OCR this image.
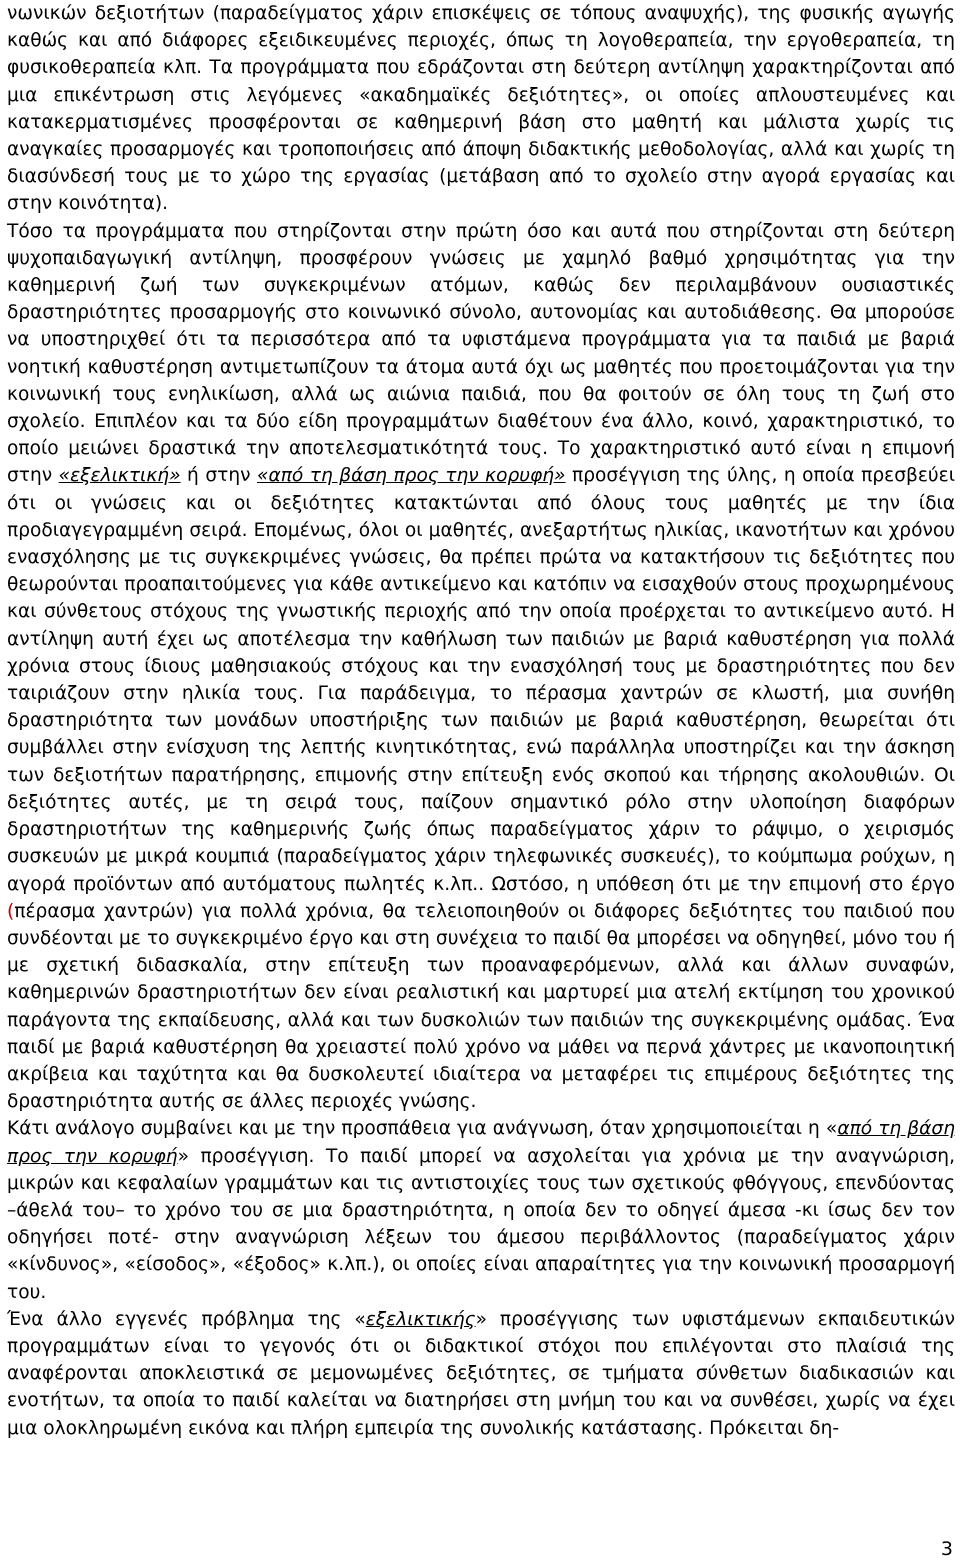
νωνικών δεξιοτήτων (παραδείγματος χάριν επισκέψεις σε τόπους αναψυχής), της φυσικής αγωγής καθώς και από διάφορες εξειδικευμένες περιοχές, όπως τη λογοθεραπεία, την εργοθεραπεία, τη φυσικοθεραπεία κλπ. Τα προγράμματα που εδράζονται στη δεύτερη αντίληψη χαρακτηρίζονται από μια επικέντρωση στις λεγόμενες «ακαδημαϊκές δεξιότητες», οι οποίες απλουστευμένες και κατακερματισμένες προσφέρονται σε καθημερινή βάση στο μαθητή και μάλιστα χωρίς τις αναγκαίες προσαρμογές και τροποποιήσεις από άποψη διδακτικής μεθοδολογίας, αλλά και χωρίς τη διασύνδεσή τους με το χώρο της εργασίας (μετάβαση από το σχολείο στην αγορά εργασίας και στην κοινότητα).

Τόσο τα προγράμματα που στηρίζονται στην πρώτη όσο και αυτά που στηρίζονται στη δεύτερη ψυχοπαιδαγωγική αντίληψη, προσφέρουν γνώσεις με χαμηλό βαθμό χρησιμότητας για την καθημερινή ζωή των συγκεκριμένων ατόμων, καθώς δεν περιλαμβάνουν ουσιαστικές δραστηριότητες προσαρμογής στο κοινωνικό σύνολο, αυτονομίας και αυτοδιάθεσης. Θα μπορούσε να υποστηριχθεί ότι τα περισσότερα από τα υφιστάμενα προγράμματα για τα παιδιά με βαριά νοητική καθυστέρηση αντιμετωπίζουν τα άτομα αυτά όχι ως μαθητές που προετοιμάζονται για την κοινωνική τους ενηλικίωση, αλλά ως αιώνια παιδιά, που θα φοιτούν σε όλη τους τη ζωή στο σχολείο. Επιπλέον και τα δύο είδη προγραμμάτων διαθέτουν ένα άλλο, κοινό, χαρακτηριστικό, το οποίο μειώνει δραστικά την αποτελεσματικότητά τους. Το χαρακτηριστικό αυτό είναι η επιμονή στην «εξελικτική» ή στην «από τη βάση προς την κορυφή» προσέγγιση της ύλης, η οποία πρεσβεύει ότι οι γνώσεις και οι δεξιότητες κατακτώνται από όλους τους μαθητές με την ίδια προδιαγεγραμμένη σειρά. Επομένως, όλοι οι μαθητές, ανεξαρτήτως ηλικίας, ικανοτήτων και χρόνου ενασχόλησης με τις συγκεκριμένες γνώσεις, θα πρέπει πρώτα να κατακτήσουν τις δεξιότητες που θεωρούνται προαπαιτούμενες για κάθε αντικείμενο και κατόπιν να εισαχθούν στους προχωρημένους και σύνθετους στόχους της γνωστικής περιοχής από την οποία προέρχεται το αντικείμενο αυτό. Η αντίληψη αυτή έχει ως αποτέλεσμα την καθήλωση των παιδιών με βαριά καθυστέρηση για πολλά χρόνια στους ίδιους μαθησιακούς στόχους και την ενασχόλησή τους με δραστηριότητες που δεν ταιριάζουν στην ηλικία τους. Για παράδειγμα, το πέρασμα χαντρών σε κλωστή, μια συνήθη δραστηριότητα των μονάδων υποστήριξης των παιδιών με βαριά καθυστέρηση, θεωρείται ότι συμβάλλει στην ενίσχυση της λεπτής κινητικότητας, ενώ παράλληλα υποστηρίζει και την άσκηση των δεξιοτήτων παρατήρησης, επιμονής στην επίτευξη ενός σκοπού και τήρησης ακολουθιών. Οι δεξιότητες αυτές, με τη σειρά τους, παίζουν σημαντικό ρόλο στην υλοποίηση διαφόρων δραστηριοτήτων της καθημερινής ζωής όπως παραδείγματος χάριν το ράψιμο, ο χειρισμός συσκευών με μικρά κουμπιά (παραδείγματος χάριν τηλεφωνικές συσκευές), το κούμπωμα ρούχων, η αγορά προϊόντων από αυτόματους πωλητές κ.λπ.. Ωστόσο, η υπόθεση ότι με την επιμονή στο έργο (πέρασμα χαντρών) για πολλά χρόνια, θα τελειοποιηθούν οι διάφορες δεξιότητες του παιδιού που συνδέονται με το συγκεκριμένο έργο και στη συνέχεια το παιδί θα μπορέσει να οδηγηθεί, μόνο του ή με σχετική διδασκαλία, στην επίτευξη των προαναφερόμενων, αλλά και άλλων συναφών, καθημερινών δραστηριοτήτων δεν είναι ρεαλιστική και μαρτυρεί μια ατελή εκτίμηση του χρονικού παράγοντα της εκπαίδευσης, αλλά και των δυσκολιών των παιδιών της συγκεκριμένης ομάδας. Ένα παιδί με βαριά καθυστέρηση θα χρειαστεί πολύ χρόνο να μάθει να περνά χάντρες με ικανοποιητική ακρίβεια και ταχύτητα και θα δυσκολευτεί ιδιαίτερα να μεταφέρει τις επιμέρους δεξιότητες της δραστηριότητα αυτής σε άλλες περιοχές γνώσης.

Κάτι ανάλογο συμβαίνει και με την προσπάθεια για ανάγνωση, όταν χρησιμοποιείται η «από τη βάση προς την κορυφή» προσέγγιση. Το παιδί μπορεί να ασχολείται για χρόνια με την αναγνώριση, μικρών και κεφαλαίων γραμμάτων και τις αντιστοιχίες τους των σχετικούς φθόγγους, επενδύοντας –άθελά του– το χρόνο του σε μια δραστηριότητα, η οποία δεν το οδηγεί άμεσα -κι ίσως δεν τον οδηγήσει ποτέ- στην αναγνώριση λέξεων του άμεσου περιβάλλοντος (παραδείγματος χάριν «κίνδυνος», «είσοδος», «έξοδος» κ.λπ.), οι οποίες είναι απαραίτητες για την κοινωνική προσαρμογή του.

Ένα άλλο εγγενές πρόβλημα της «εξελικτικής» προσέγγισης των υφιστάμενων εκπαιδευτικών προγραμμάτων είναι το γεγονός ότι οι διδακτικοί στόχοι που επιλέγονται στο πλαίσιά της αναφέρονται αποκλειστικά σε μεμονωμένες δεξιότητες, σε τμήματα σύνθετων διαδικασιών και ενοτήτων, τα οποία το παιδί καλείται να διατηρήσει στη μνήμη του και να συνθέσει, χωρίς να έχει μια ολοκληρωμένη εικόνα και πλήρη εμπειρία της συνολικής κατάστασης. Πρόκειται δη-

3
